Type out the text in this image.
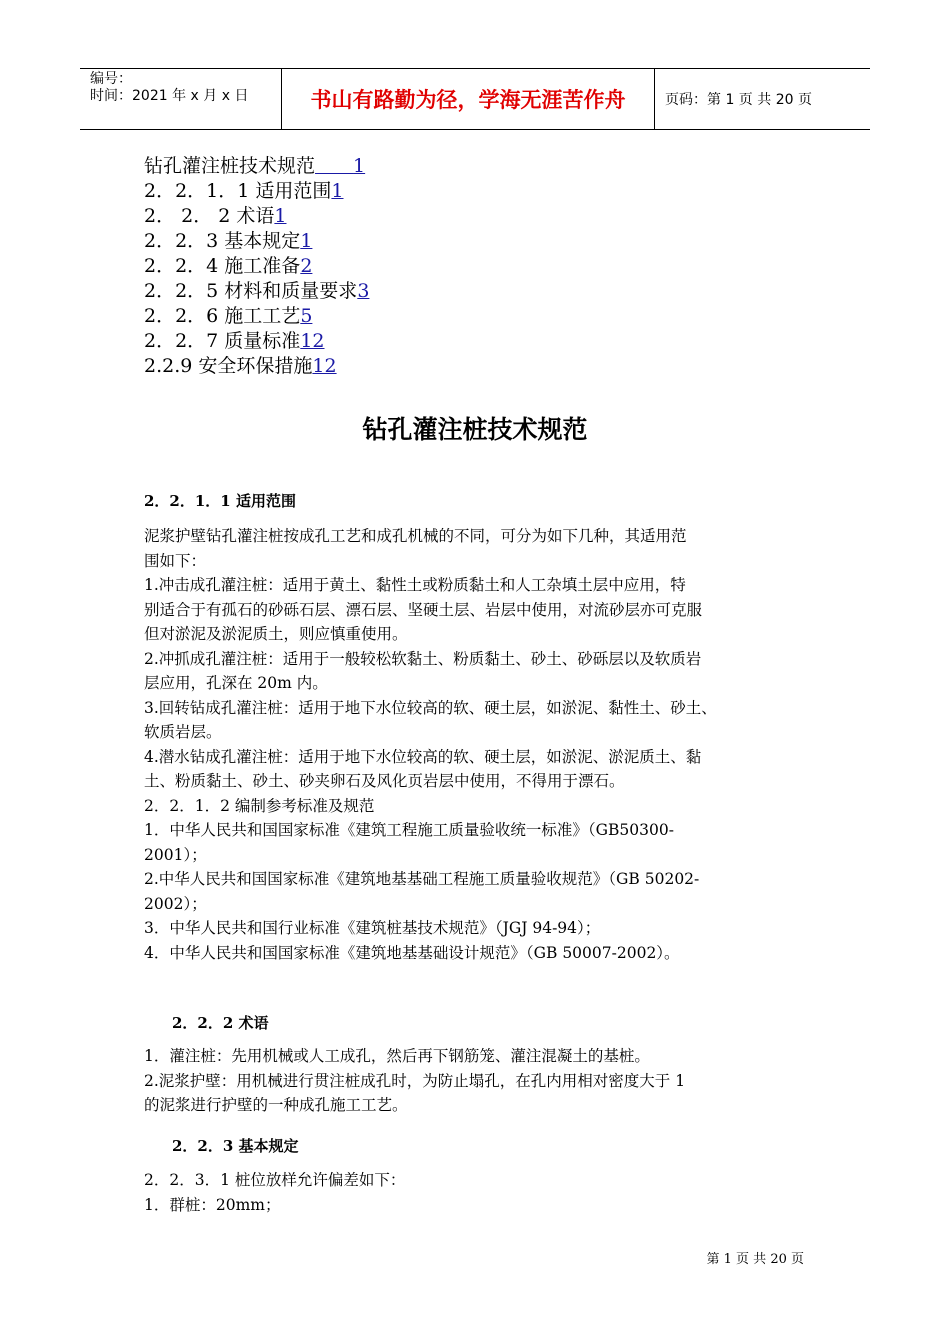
编号：
时间：2021 年 x 月 x 日	书山有路勤为径，学海无涯苦作舟	页码：第 1 页 共 20 页
钻孔灌注桩技术规范　　 1
2．2．1．1 适用范围1
2． 2． 2 术语1
2．2．3 基本规定1
2．2．4 施工准备2
2．2．5 材料和质量要求3
2．2．6 施工工艺5
2．2．7 质量标准12
2.2.9 安全环保措施12
钻孔灌注桩技术规范
2．2．1．1 适用范围

泥浆护壁钻孔灌注桩按成孔工艺和成孔机械的不同，可分为如下几种，其适用范

围如下：

1.冲击成孔灌注桩：适用于黄土、黏性土或粉质黏土和人工杂填土层中应用，特

别适合于有孤石的砂砾石层、漂石层、坚硬土层、岩层中使用，对流砂层亦可克服

但对淤泥及淤泥质土，则应慎重使用。

2.冲抓成孔灌注桩：适用于一般较松软黏土、粉质黏土、砂土、砂砾层以及软质岩

层应用，孔深在 20m 内。

3.回转钻成孔灌注桩：适用于地下水位较高的软、硬土层，如淤泥、黏性土、砂土、

软质岩层。

4.潜水钻成孔灌注桩：适用于地下水位较高的软、硬土层，如淤泥、淤泥质土、黏

土、粉质黏土、砂土、砂夹卵石及风化页岩层中使用，不得用于漂石。

2．2．1．2 编制参考标准及规范

1．中华人民共和国国家标准《建筑工程施工质量验收统一标准》（GB50300-

2001）；

2.中华人民共和国国家标准《建筑地基基础工程施工质量验收规范》（GB 50202-

2002）；

3．中华人民共和国行业标准《建筑桩基技术规范》（JGJ 94-94）；

4．中华人民共和国国家标准《建筑地基基础设计规范》（GB 50007-2002）。

2．2．2 术语

1．灌注桩：先用机械或人工成孔，然后再下钢筋笼、灌注混凝土的基桩。

2.泥浆护壁：用机械进行贯注桩成孔时，为防止塌孔，在孔内用相对密度大于 1

的泥浆进行护壁的一种成孔施工工艺。

2．2．3 基本规定

2．2．3．1 桩位放样允许偏差如下：

1．群桩：20mm；

第 1 页 共 20 页
